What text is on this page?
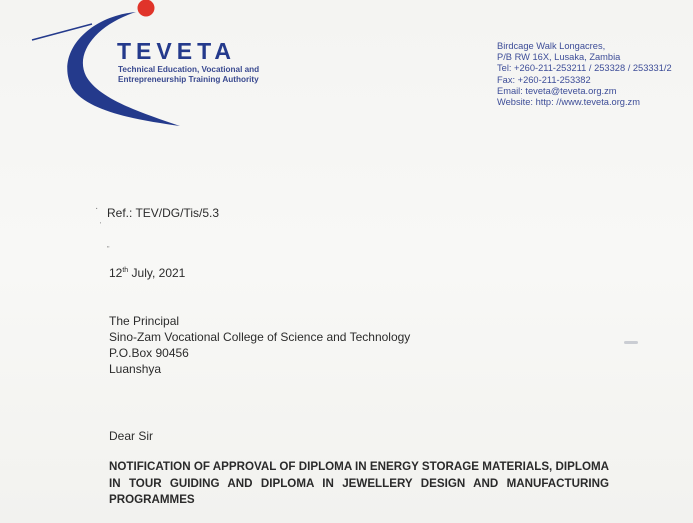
TEVETA
Technical Education, Vocational and
Entrepreneurship Training Authority
Birdcage Walk Longacres,
P/B RW 16X, Lusaka, Zambia
Tel: +260-211-253211 / 253328 / 253331/2
Fax: +260-211-253382
Email: teveta@teveta.org.zm
Website: http: //www.teveta.org.zm
· Ref.: TEV/DG/Tis/5.3
'
"
12th July, 2021
The Principal
Sino-Zam Vocational College of Science and Technology
P.O.Box 90456
Luanshya
Dear Sir
NOTIFICATION OF APPROVAL OF DIPLOMA IN ENERGY STORAGE MATERIALS, DIPLOMA IN TOUR GUIDING AND DIPLOMA IN JEWELLERY DESIGN AND MANUFACTURING PROGRAMMES
